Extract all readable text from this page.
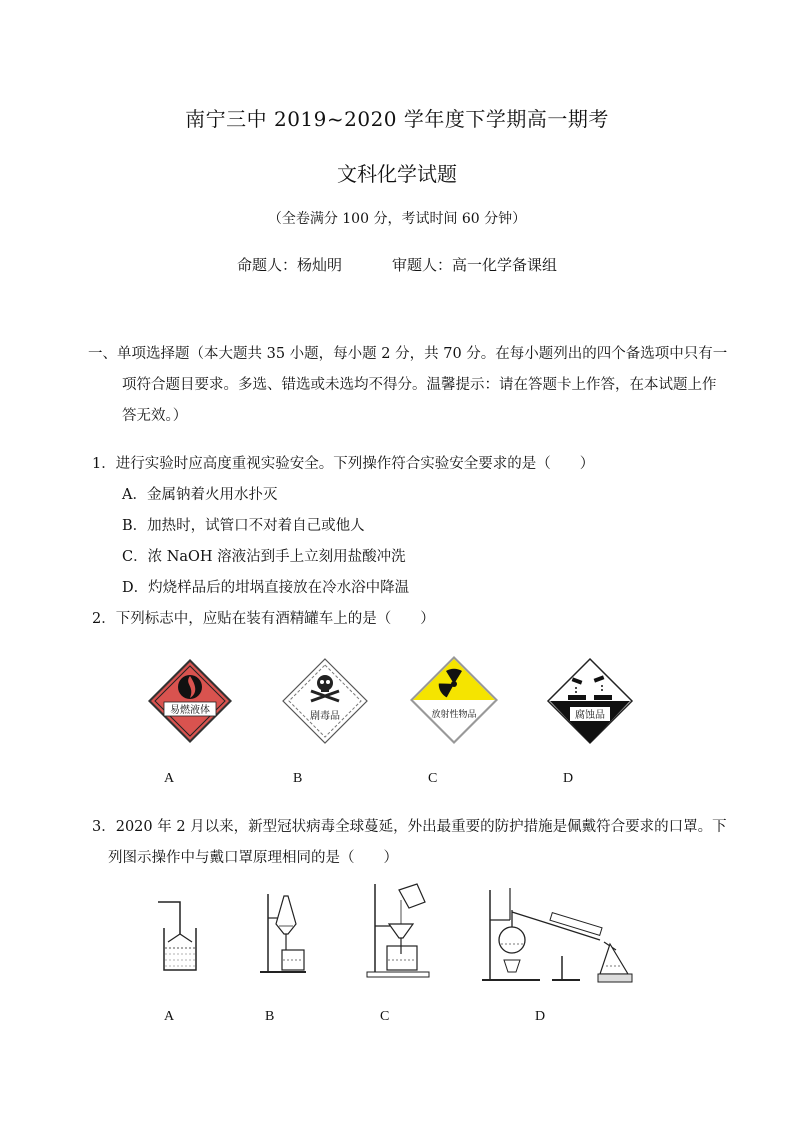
南宁三中 2019~2020 学年度下学期高一期考
文科化学试题
（全卷满分 100 分，考试时间 60 分钟）
命题人：杨灿明	审题人：高一化学备课组
一、单项选择题（本大题共 35 小题，每小题 2 分，共 70 分。在每小题列出的四个备选项中只有一
项符合题目要求。多选、错选或未选均不得分。温馨提示：请在答题卡上作答，在本试题上作
答无效。）
1．进行实验时应高度重视实验安全。下列操作符合实验安全要求的是（　　）
A．金属钠着火用水扑灭
B．加热时，试管口不对着自己或他人
C．浓 NaOH 溶液沾到手上立刻用盐酸冲洗
D．灼烧样品后的坩埚直接放在冷水浴中降温
2．下列标志中，应贴在装有酒精罐车上的是（　　）
易燃液体
剧毒品	放射性物品	腐蚀品
A	B	C	D
3．2020 年 2 月以来，新型冠状病毒全球蔓延，外出最重要的防护措施是佩戴符合要求的口罩。下
列图示操作中与戴口罩原理相同的是（　　）
A	B	C	D
